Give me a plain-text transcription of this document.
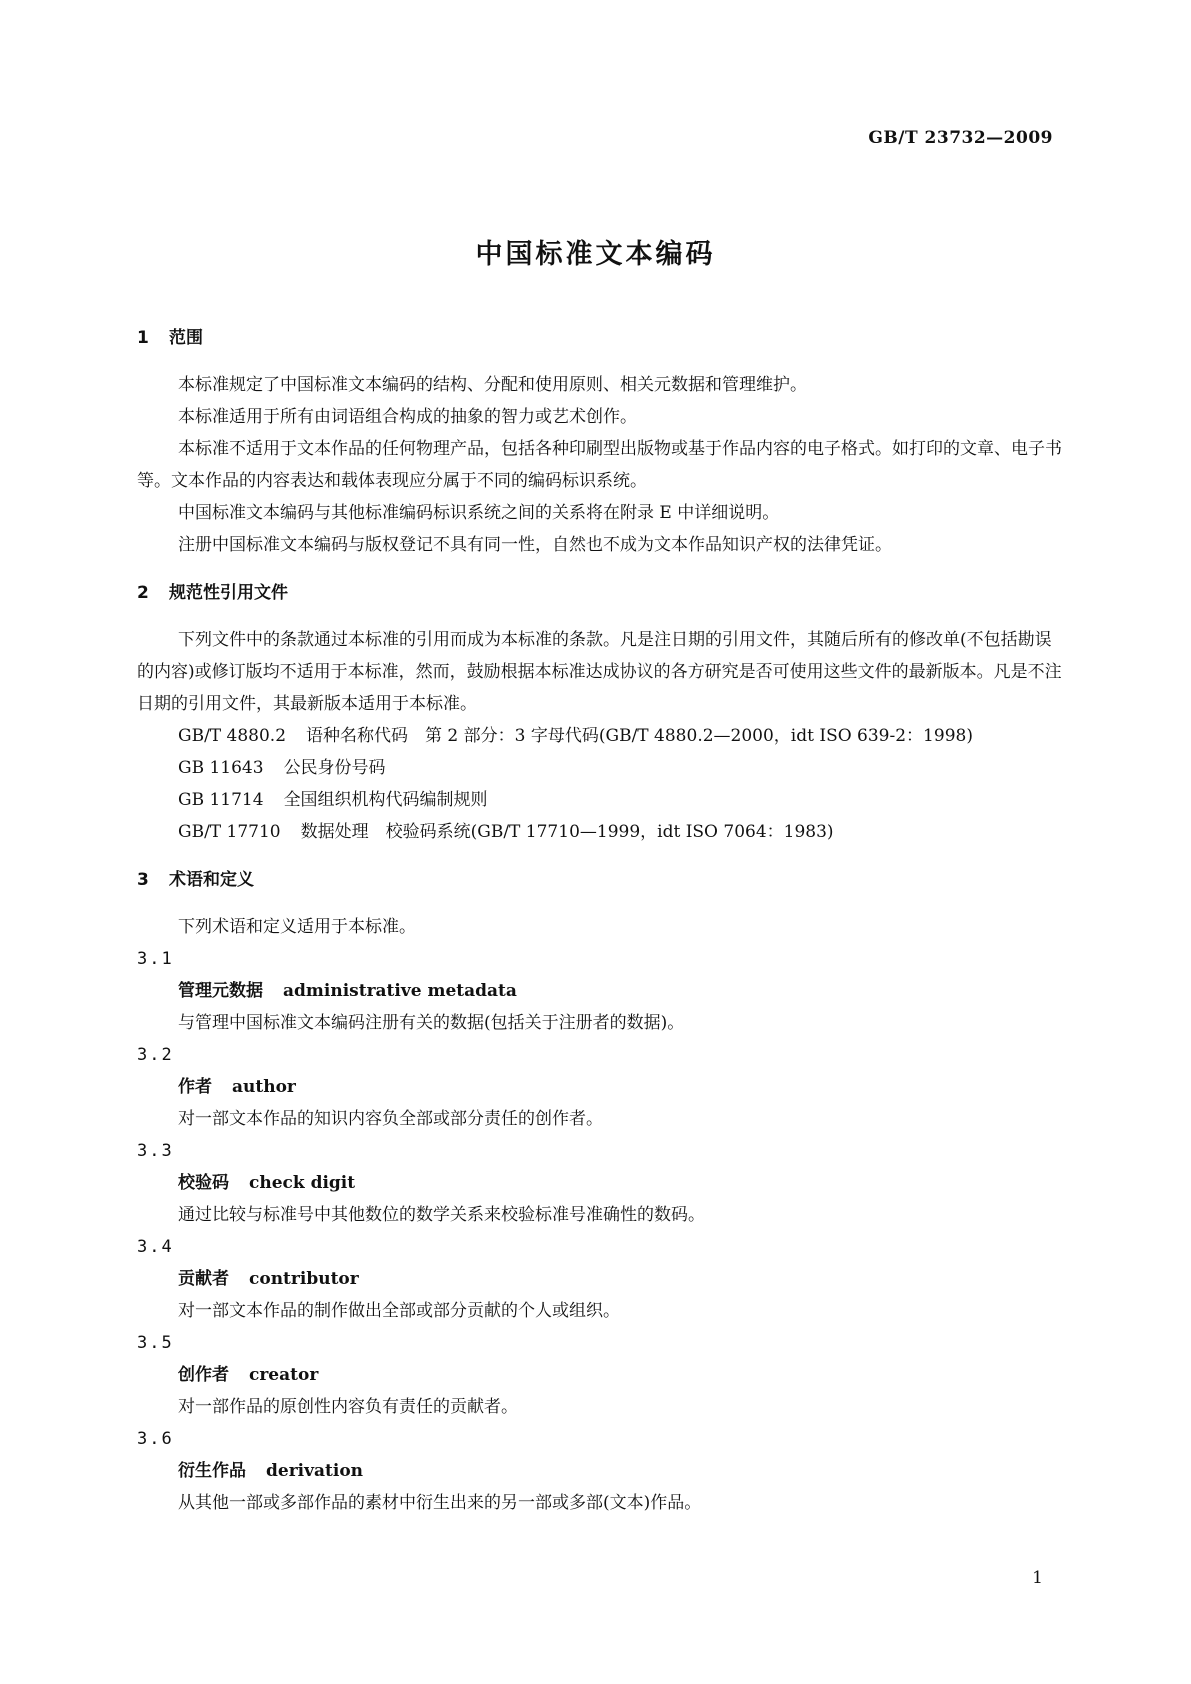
GB/T 23732—2009
中国标准文本编码
1 范围

本标准规定了中国标准文本编码的结构、分配和使用原则、相关元数据和管理维护。

本标准适用于所有由词语组合构成的抽象的智力或艺术创作。

本标准不适用于文本作品的任何物理产品，包括各种印刷型出版物或基于作品内容的电子格式。如打印的文章、电子书等。文本作品的内容表达和载体表现应分属于不同的编码标识系统。

中国标准文本编码与其他标准编码标识系统之间的关系将在附录 E 中详细说明。

注册中国标准文本编码与版权登记不具有同一性，自然也不成为文本作品知识产权的法律凭证。

2 规范性引用文件

下列文件中的条款通过本标准的引用而成为本标准的条款。凡是注日期的引用文件，其随后所有的修改单(不包括勘误的内容)或修订版均不适用于本标准，然而，鼓励根据本标准达成协议的各方研究是否可使用这些文件的最新版本。凡是不注日期的引用文件，其最新版本适用于本标准。

GB/T 4880.2 语种名称代码　第 2 部分：3 字母代码(GB/T 4880.2—2000，idt ISO 639-2：1998)

GB 11643 公民身份号码

GB 11714 全国组织机构代码编制规则

GB/T 17710 数据处理　校验码系统(GB/T 17710—1999，idt ISO 7064：1983)

3 术语和定义

下列术语和定义适用于本标准。

3.1
管理元数据 administrative metadata
与管理中国标准文本编码注册有关的数据(包括关于注册者的数据)。
3.2
作者 author
对一部文本作品的知识内容负全部或部分责任的创作者。
3.3
校验码 check digit
通过比较与标准号中其他数位的数学关系来校验标准号准确性的数码。
3.4
贡献者 contributor
对一部文本作品的制作做出全部或部分贡献的个人或组织。
3.5
创作者 creator
对一部作品的原创性内容负有责任的贡献者。
3.6
衍生作品 derivation
从其他一部或多部作品的素材中衍生出来的另一部或多部(文本)作品。
1
